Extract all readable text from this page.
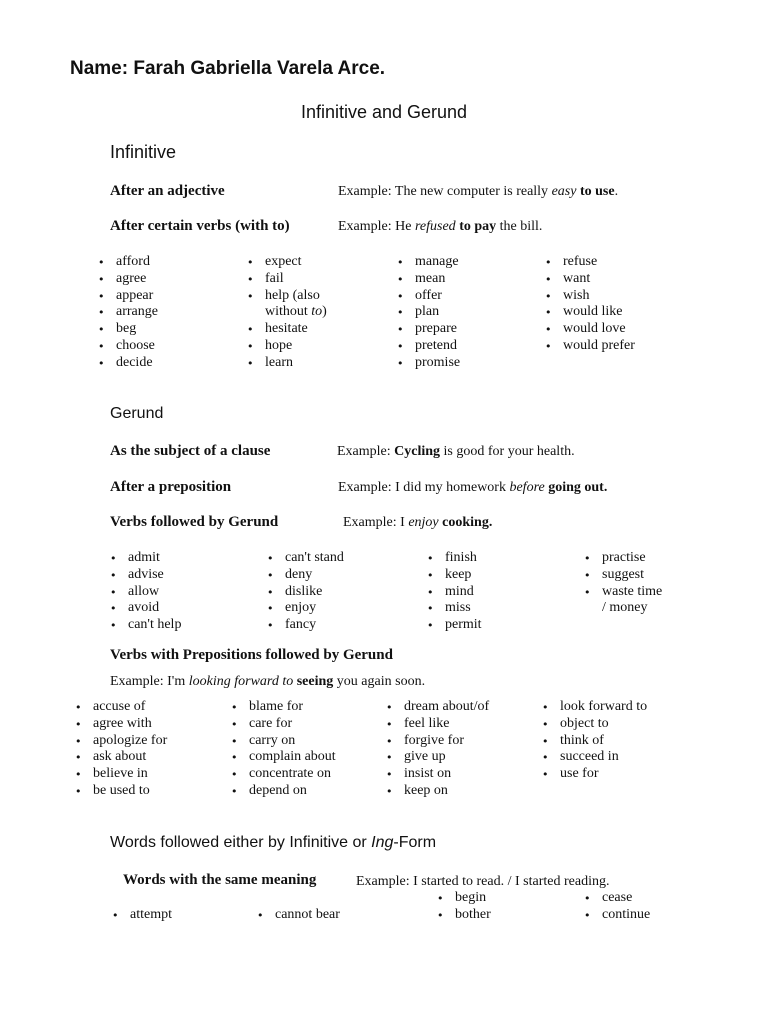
Name: Farah Gabriella Varela Arce.
Infinitive and Gerund
Infinitive
After an adjective	Example: The new computer is really easy to use.
After certain verbs (with to)	Example: He refused to pay the bill.
• afford
• agree
• appear
• arrange
• beg
• choose
• decide
• expect
• fail
• help (also
without to)
• hesitate
• hope
• learn
• manage
• mean
• offer
• plan
• prepare
• pretend
• promise
• refuse
• want
• wish
• would like
• would love
• would prefer
Gerund
As the subject of a clause	Example: Cycling is good for your health.
After a preposition	Example: I did my homework before going out.
Verbs followed by Gerund	Example: I enjoy cooking.
• admit
• advise
• allow
• avoid
• can't help
• can't stand
• deny
• dislike
• enjoy
• fancy
• finish
• keep
• mind
• miss
• permit
• practise
• suggest
• waste time
/ money
Verbs with Prepositions followed by Gerund
Example: I'm looking forward to seeing you again soon.
• accuse of
• agree with
• apologize for
• ask about
• believe in
• be used to
• blame for
• care for
• carry on
• complain about
• concentrate on
• depend on
• dream about/of
• feel like
• forgive for
• give up
• insist on
• keep on
• look forward to
• object to
• think of
• succeed in
• use for
Words followed either by Infinitive or Ing-Form
Words with the same meaning	Example: I started to read. / I started reading.
• attempt
•	cannot bear
• begin
• bother
• cease
• continue
